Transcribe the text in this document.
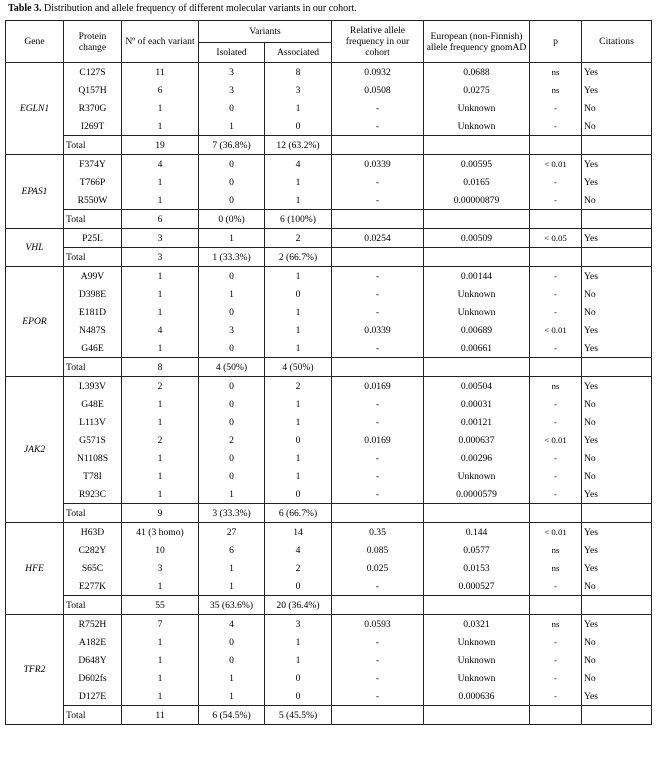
Table 3. Distribution and allele frequency of different molecular variants in our cohort.
Gene	Protein change	Nº of each variant	Variants		Relative allele frequency in our cohort	European (non-Finnish) allele frequency gnomAD	p	Citations
			Isolated	Associated				
EGLN1	C127S	11	3	8	0.0932	0.0688	ns	Yes
	Q157H	6	3	3	0.0508	0.0275	ns	Yes
	R370G	1	0	1	-	Unknown	-	No
	I269T	1	1	0	-	Unknown	-	No
	Total	19	7 (36.8%)	12 (63.2%)				
EPAS1	F374Y	4	0	4	0.0339	0.00595	< 0.01	Yes
	T766P	1	0	1	-	0.0165	-	Yes
	R550W	1	0	1	-	0.00000879	-	No
	Total	6	0 (0%)	6 (100%)				
VHL	P25L	3	1	2	0.0254	0.00509	< 0.05	Yes
	Total	3	1 (33.3%)	2 (66.7%)				
EPOR	A99V	1	0	1	-	0.00144	-	Yes
	D398E	1	1	0	-	Unknown	-	No
	E181D	1	0	1	-	Unknown	-	No
	N487S	4	3	1	0.0339	0.00689	< 0.01	Yes
	G46E	1	0	1	-	0.00661	-	Yes
	Total	8	4 (50%)	4 (50%)				
JAK2	L393V	2	0	2	0.0169	0.00504	ns	Yes
	G48E	1	0	1	-	0.00031	-	No
	L113V	1	0	1	-	0.00121	-	No
	G571S	2	2	0	0.0169	0.000637	< 0.01	Yes
	N1108S	1	0	1	-	0.00296	-	No
	T78I	1	0	1	-	Unknown	-	No
	R923C	1	1	0	-	0.0000579	-	Yes
	Total	9	3 (33.3%)	6 (66.7%)				
HFE	H63D	41 (3 homo)	27	14	0.35	0.144	< 0.01	Yes
	C282Y	10	6	4	0.085	0.0577	ns	Yes
	S65C	3	1	2	0.025	0.0153	ns	Yes
	E277K	1	1	0	-	0.000527	-	No
	Total	55	35 (63.6%)	20 (36.4%)				
TFR2	R752H	7	4	3	0.0593	0.0321	ns	Yes
	A182E	1	0	1	-	Unknown	-	No
	D648Y	1	0	1	-	Unknown	-	No
	D602fs	1	1	0	-	Unknown	-	No
	D127E	1	1	0	-	0.000636	-	Yes
	Total	11	6 (54.5%)	5 (45.5%)				
